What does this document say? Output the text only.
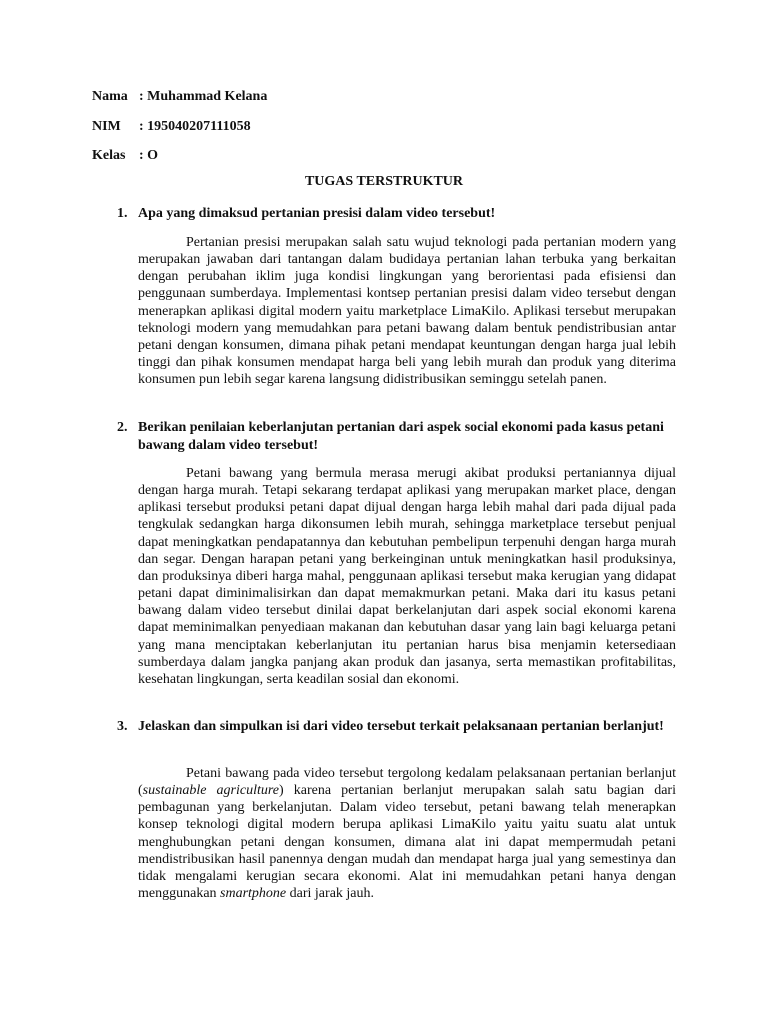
Nama : Muhammad Kelana
NIM : 195040207111058
Kelas : O
TUGAS TERSTRUKTUR
1. Apa yang dimaksud pertanian presisi dalam video tersebut!
Pertanian presisi merupakan salah satu wujud teknologi pada pertanian modern yang merupakan jawaban dari tantangan dalam budidaya pertanian lahan terbuka yang berkaitan dengan perubahan iklim juga kondisi lingkungan yang berorientasi pada efisiensi dan penggunaan sumberdaya. Implementasi kontsep pertanian presisi dalam video tersebut dengan menerapkan aplikasi digital modern yaitu marketplace LimaKilo. Aplikasi tersebut merupakan teknologi modern yang memudahkan para petani bawang dalam bentuk pendistribusian antar petani dengan konsumen, dimana pihak petani mendapat keuntungan dengan harga jual lebih tinggi dan pihak konsumen mendapat harga beli yang lebih murah dan produk yang diterima konsumen pun lebih segar karena langsung didistribusikan seminggu setelah panen.
2. Berikan penilaian keberlanjutan pertanian dari aspek social ekonomi pada kasus petani bawang dalam video tersebut!
Petani bawang yang bermula merasa merugi akibat produksi pertaniannya dijual dengan harga murah. Tetapi sekarang terdapat aplikasi yang merupakan market place, dengan aplikasi tersebut produksi petani dapat dijual dengan harga lebih mahal dari pada dijual pada tengkulak sedangkan harga dikonsumen lebih murah, sehingga marketplace tersebut penjual dapat meningkatkan pendapatannya dan kebutuhan pembelipun terpenuhi dengan harga murah dan segar. Dengan harapan petani yang berkeinginan untuk meningkatkan hasil produksinya, dan produksinya diberi harga mahal, penggunaan aplikasi tersebut maka kerugian yang didapat petani dapat diminimalisirkan dan dapat memakmurkan petani. Maka dari itu kasus petani bawang dalam video tersebut dinilai dapat berkelanjutan dari aspek social ekonomi karena dapat meminimalkan penyediaan makanan dan kebutuhan dasar yang lain bagi keluarga petani yang mana menciptakan keberlanjutan itu pertanian harus bisa menjamin ketersediaan sumberdaya dalam jangka panjang akan produk dan jasanya, serta memastikan profitabilitas, kesehatan lingkungan, serta keadilan sosial dan ekonomi.
3. Jelaskan dan simpulkan isi dari video tersebut terkait pelaksanaan pertanian berlanjut!
Petani bawang pada video tersebut tergolong kedalam pelaksanaan pertanian berlanjut (sustainable agriculture) karena pertanian berlanjut merupakan salah satu bagian dari pembagunan yang berkelanjutan. Dalam video tersebut, petani bawang telah menerapkan konsep teknologi digital modern berupa aplikasi LimaKilo yaitu yaitu suatu alat untuk menghubungkan petani dengan konsumen, dimana alat ini dapat mempermudah petani mendistribusikan hasil panennya dengan mudah dan mendapat harga jual yang semestinya dan tidak mengalami kerugian secara ekonomi. Alat ini memudahkan petani hanya dengan menggunakan smartphone dari jarak jauh.
